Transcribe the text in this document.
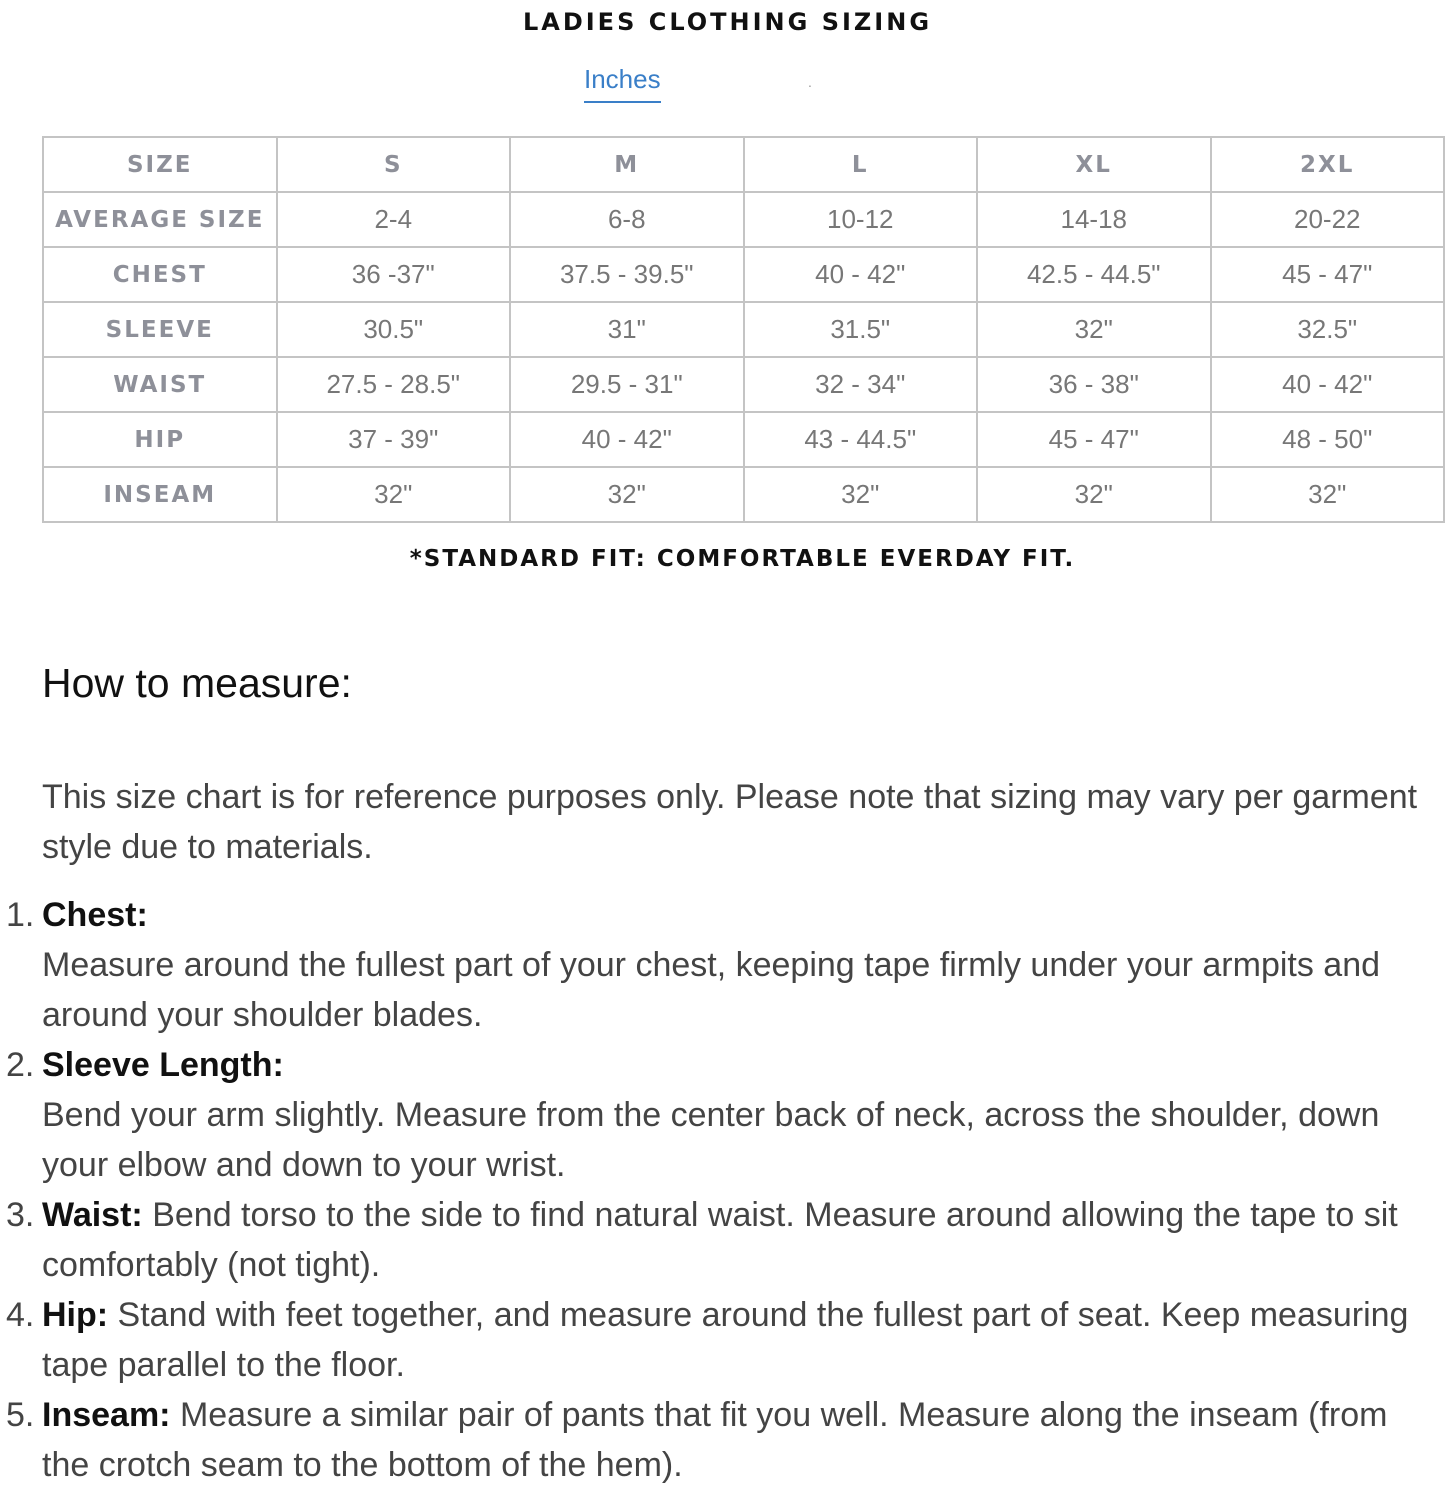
LADIES CLOTHING SIZING
Inches	.
SIZE	S	M	L	XL	2XL
AVERAGE SIZE	2-4	6-8	10-12	14-18	20-22
CHEST	36 -37"	37.5 - 39.5"	40 - 42"	42.5 - 44.5"	45 - 47"
SLEEVE	30.5"	31"	31.5"	32"	32.5"
WAIST	27.5 - 28.5"	29.5 - 31"	32 - 34"	36 - 38"	40 - 42"
HIP	37 - 39"	40 - 42"	43 - 44.5"	45 - 47"	48 - 50"
INSEAM	32"	32"	32"	32"	32"
*STANDARD FIT: COMFORTABLE EVERDAY FIT.
How to measure:
This size chart is for reference purposes only. Please note that sizing may vary per garment style due to materials.
1. Chest:
Measure around the fullest part of your chest, keeping tape firmly under your armpits and around your shoulder blades.
2. Sleeve Length:
Bend your arm slightly. Measure from the center back of neck, across the shoulder, down your elbow and down to your wrist.
3. Waist: Bend torso to the side to find natural waist. Measure around allowing the tape to sit comfortably (not tight).
4. Hip: Stand with feet together, and measure around the fullest part of seat. Keep measuring tape parallel to the floor.
5. Inseam: Measure a similar pair of pants that fit you well. Measure along the inseam (from the crotch seam to the bottom of the hem).
